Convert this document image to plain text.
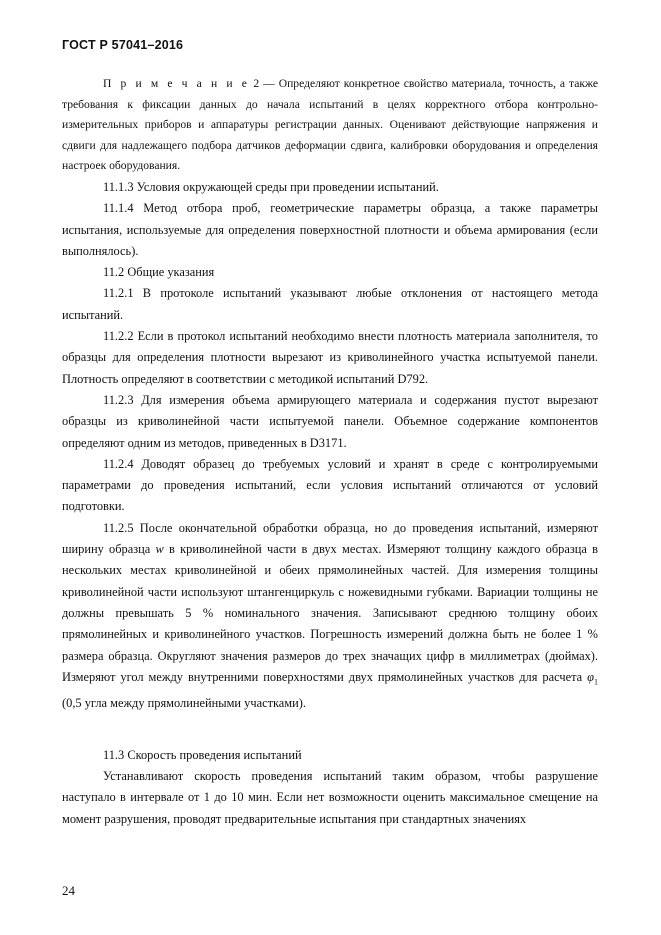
ГОСТ Р 57041–2016

П р и м е ч а н и е 2 — Определяют конкретное свойство материала, точность, а также требования к фиксации данных до начала испытаний в целях корректного отбора контрольно-измерительных приборов и аппаратуры регистрации данных. Оценивают действующие напряжения и сдвиги для надлежащего подбора датчиков деформации сдвига, калибровки оборудования и определения настроек оборудования.

11.1.3 Условия окружающей среды при проведении испытаний.

11.1.4 Метод отбора проб, геометрические параметры образца, а также параметры испытания, используемые для определения поверхностной плотности и объема армирования (если выполнялось).

11.2 Общие указания

11.2.1 В протоколе испытаний указывают любые отклонения от настоящего метода испытаний.

11.2.2 Если в протокол испытаний необходимо внести плотность материала заполнителя, то образцы для определения плотности вырезают из криволинейного участка испытуемой панели. Плотность определяют в соответствии с методикой испытаний D792.

11.2.3 Для измерения объема армирующего материала и содержания пустот вырезают образцы из криволинейной части испытуемой панели. Объемное содержание компонентов определяют одним из методов, приведенных в D3171.

11.2.4 Доводят образец до требуемых условий и хранят в среде с контролируемыми параметрами до проведения испытаний, если условия испытаний отличаются от условий подготовки.

11.2.5 После окончательной обработки образца, но до проведения испытаний, измеряют ширину образца w в криволинейной части в двух местах. Измеряют толщину каждого образца в нескольких местах криволинейной и обеих прямолинейных частей. Для измерения толщины криволинейной части используют штангенциркуль с ножевидными губками. Вариации толщины не должны превышать 5 % номинального значения. Записывают среднюю толщину обоих прямолинейных и криволинейного участков. Погрешность измерений должна быть не более 1 % размера образца. Округляют значения размеров до трех значащих цифр в миллиметрах (дюймах). Измеряют угол между внутренними поверхностями двух прямолинейных участков для расчета $\varphi_1$ (0,5 угла между прямолинейными участками).

11.3 Скорость проведения испытаний

Устанавливают скорость проведения испытаний таким образом, чтобы разрушение наступало в интервале от 1 до 10 мин. Если нет возможности оценить максимальное смещение на момент разрушения, проводят предварительные испытания при стандартных значениях

24
